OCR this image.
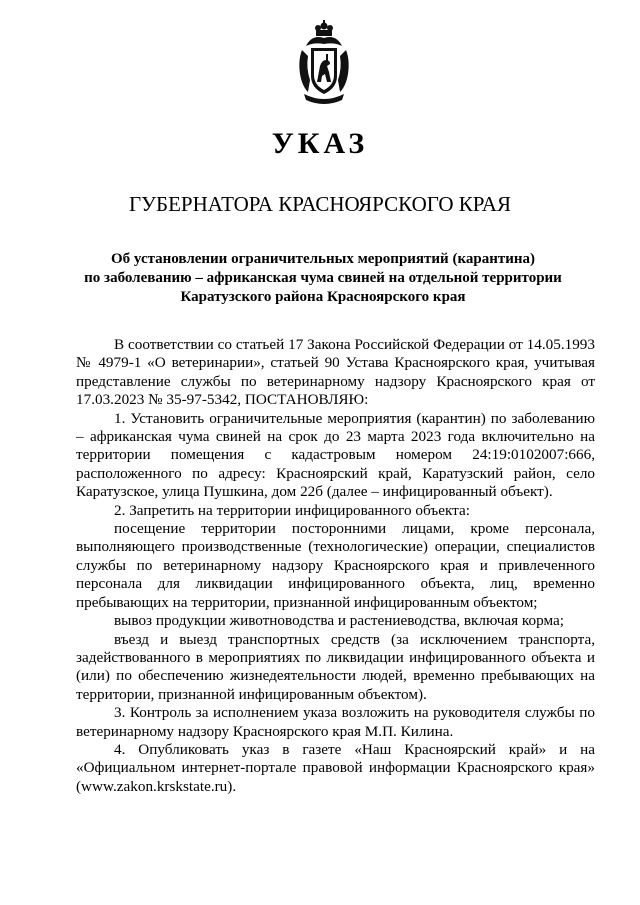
УКАЗ
ГУБЕРНАТОРА КРАСНОЯРСКОГО КРАЯ
Об установлении ограничительных мероприятий (карантина)
по заболеванию – африканская чума свиней на отдельной территории
Каратузского района Красноярского края

В соответствии со статьей 17 Закона Российской Федерации от 14.05.1993 № 4979-1 «О ветеринарии», статьей 90 Устава Красноярского края, учитывая представление службы по ветеринарному надзору Красноярского края от 17.03.2023 № 35-97-5342, ПОСТАНОВЛЯЮ:

1. Установить ограничительные мероприятия (карантин) по заболеванию – африканская чума свиней на срок до 23 марта 2023 года включительно на территории помещения с кадастровым номером 24:19:0102007:666, расположенного по адресу: Красноярский край, Каратузский район, село Каратузское, улица Пушкина, дом 22б (далее – инфицированный объект).

2. Запретить на территории инфицированного объекта:

посещение территории посторонними лицами, кроме персонала, выполняющего производственные (технологические) операции, специалистов службы по ветеринарному надзору Красноярского края и привлеченного персонала для ликвидации инфицированного объекта, лиц, временно пребывающих на территории, признанной инфицированным объектом;

вывоз продукции животноводства и растениеводства, включая корма;

въезд и выезд транспортных средств (за исключением транспорта, задействованного в мероприятиях по ликвидации инфицированного объекта и (или) по обеспечению жизнедеятельности людей, временно пребывающих на территории, признанной инфицированным объектом).

3. Контроль за исполнением указа возложить на руководителя службы по ветеринарному надзору Красноярского края М.П. Килина.

4. Опубликовать указ в газете «Наш Красноярский край» и на «Официальном интернет-портале правовой информации Красноярского края» (www.zakon.krskstate.ru).
